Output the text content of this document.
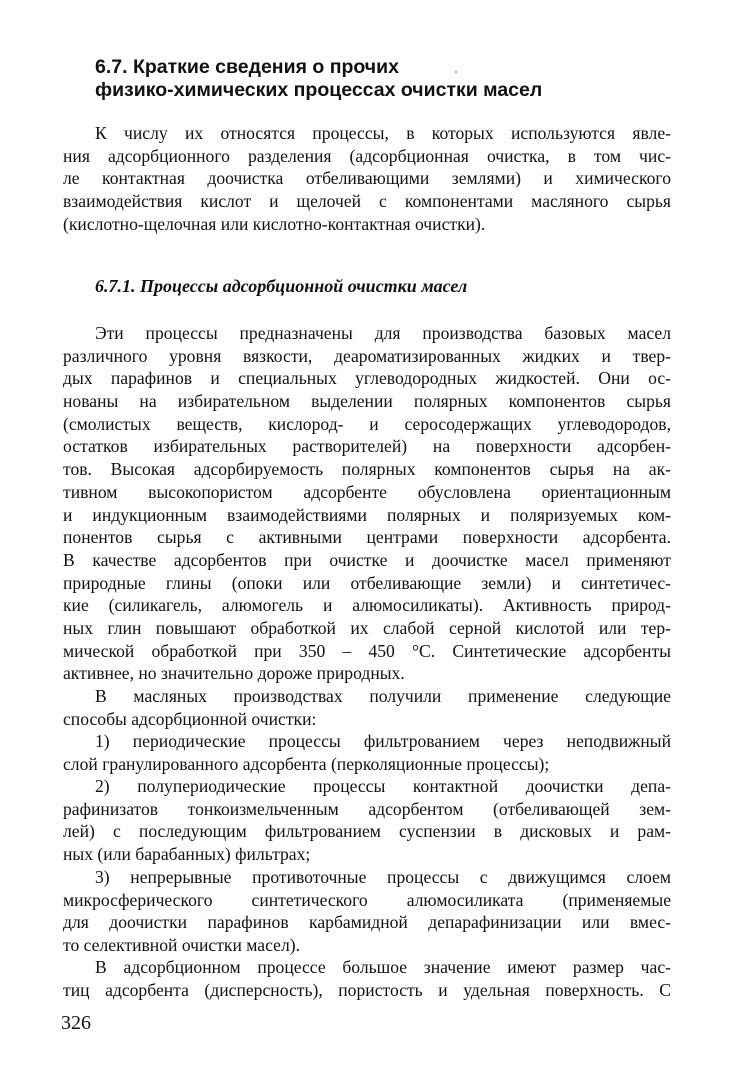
6.7. Краткие сведения о прочих
физико-химических процессах очистки масел
К числу их относятся процессы, в которых используются явле-
ния адсорбционного разделения (адсорбционная очистка, в том чис-
ле контактная доочистка отбеливающими землями) и химического
взаимодействия кислот и щелочей с компонентами масляного сырья
(кислотно-щелочная или кислотно-контактная очистки).
6.7.1. Процессы адсорбционной очистки масел
Эти процессы предназначены для производства базовых масел
различного уровня вязкости, деароматизированных жидких и твер-
дых парафинов и специальных углеводородных жидкостей. Они ос-
нованы на избирательном выделении полярных компонентов сырья
(смолистых веществ, кислород- и серосодержащих углеводородов,
остатков избирательных растворителей) на поверхности адсорбен-
тов. Высокая адсорбируемость полярных компонентов сырья на ак-
тивном высокопористом адсорбенте обусловлена ориентационным
и индукционным взаимодействиями полярных и поляризуемых ком-
понентов сырья с активными центрами поверхности адсорбента.
В качестве адсорбентов при очистке и доочистке масел применяют
природные глины (опоки или отбеливающие земли) и синтетичес-
кие (силикагель, алюмогель и алюмосиликаты). Активность природ-
ных глин повышают обработкой их слабой серной кислотой или тер-
мической обработкой при 350 – 450 °С. Синтетические адсорбенты
активнее, но значительно дороже природных.
В масляных производствах получили применение следующие
способы адсорбционной очистки:
1) периодические процессы фильтрованием через неподвижный
слой гранулированного адсорбента (перколяционные процессы);
2) полупериодические процессы контактной доочистки депа-
рафинизатов тонкоизмельченным адсорбентом (отбеливающей зем-
лей) с последующим фильтрованием суспензии в дисковых и рам-
ных (или барабанных) фильтрах;
3) непрерывные противоточные процессы с движущимся слоем
микросферического синтетического алюмосиликата (применяемые
для доочистки парафинов карбамидной депарафинизации или вмес-
то селективной очистки масел).
В адсорбционном процессе большое значение имеют размер час-
тиц адсорбента (дисперсность), пористость и удельная поверхность. С
326
